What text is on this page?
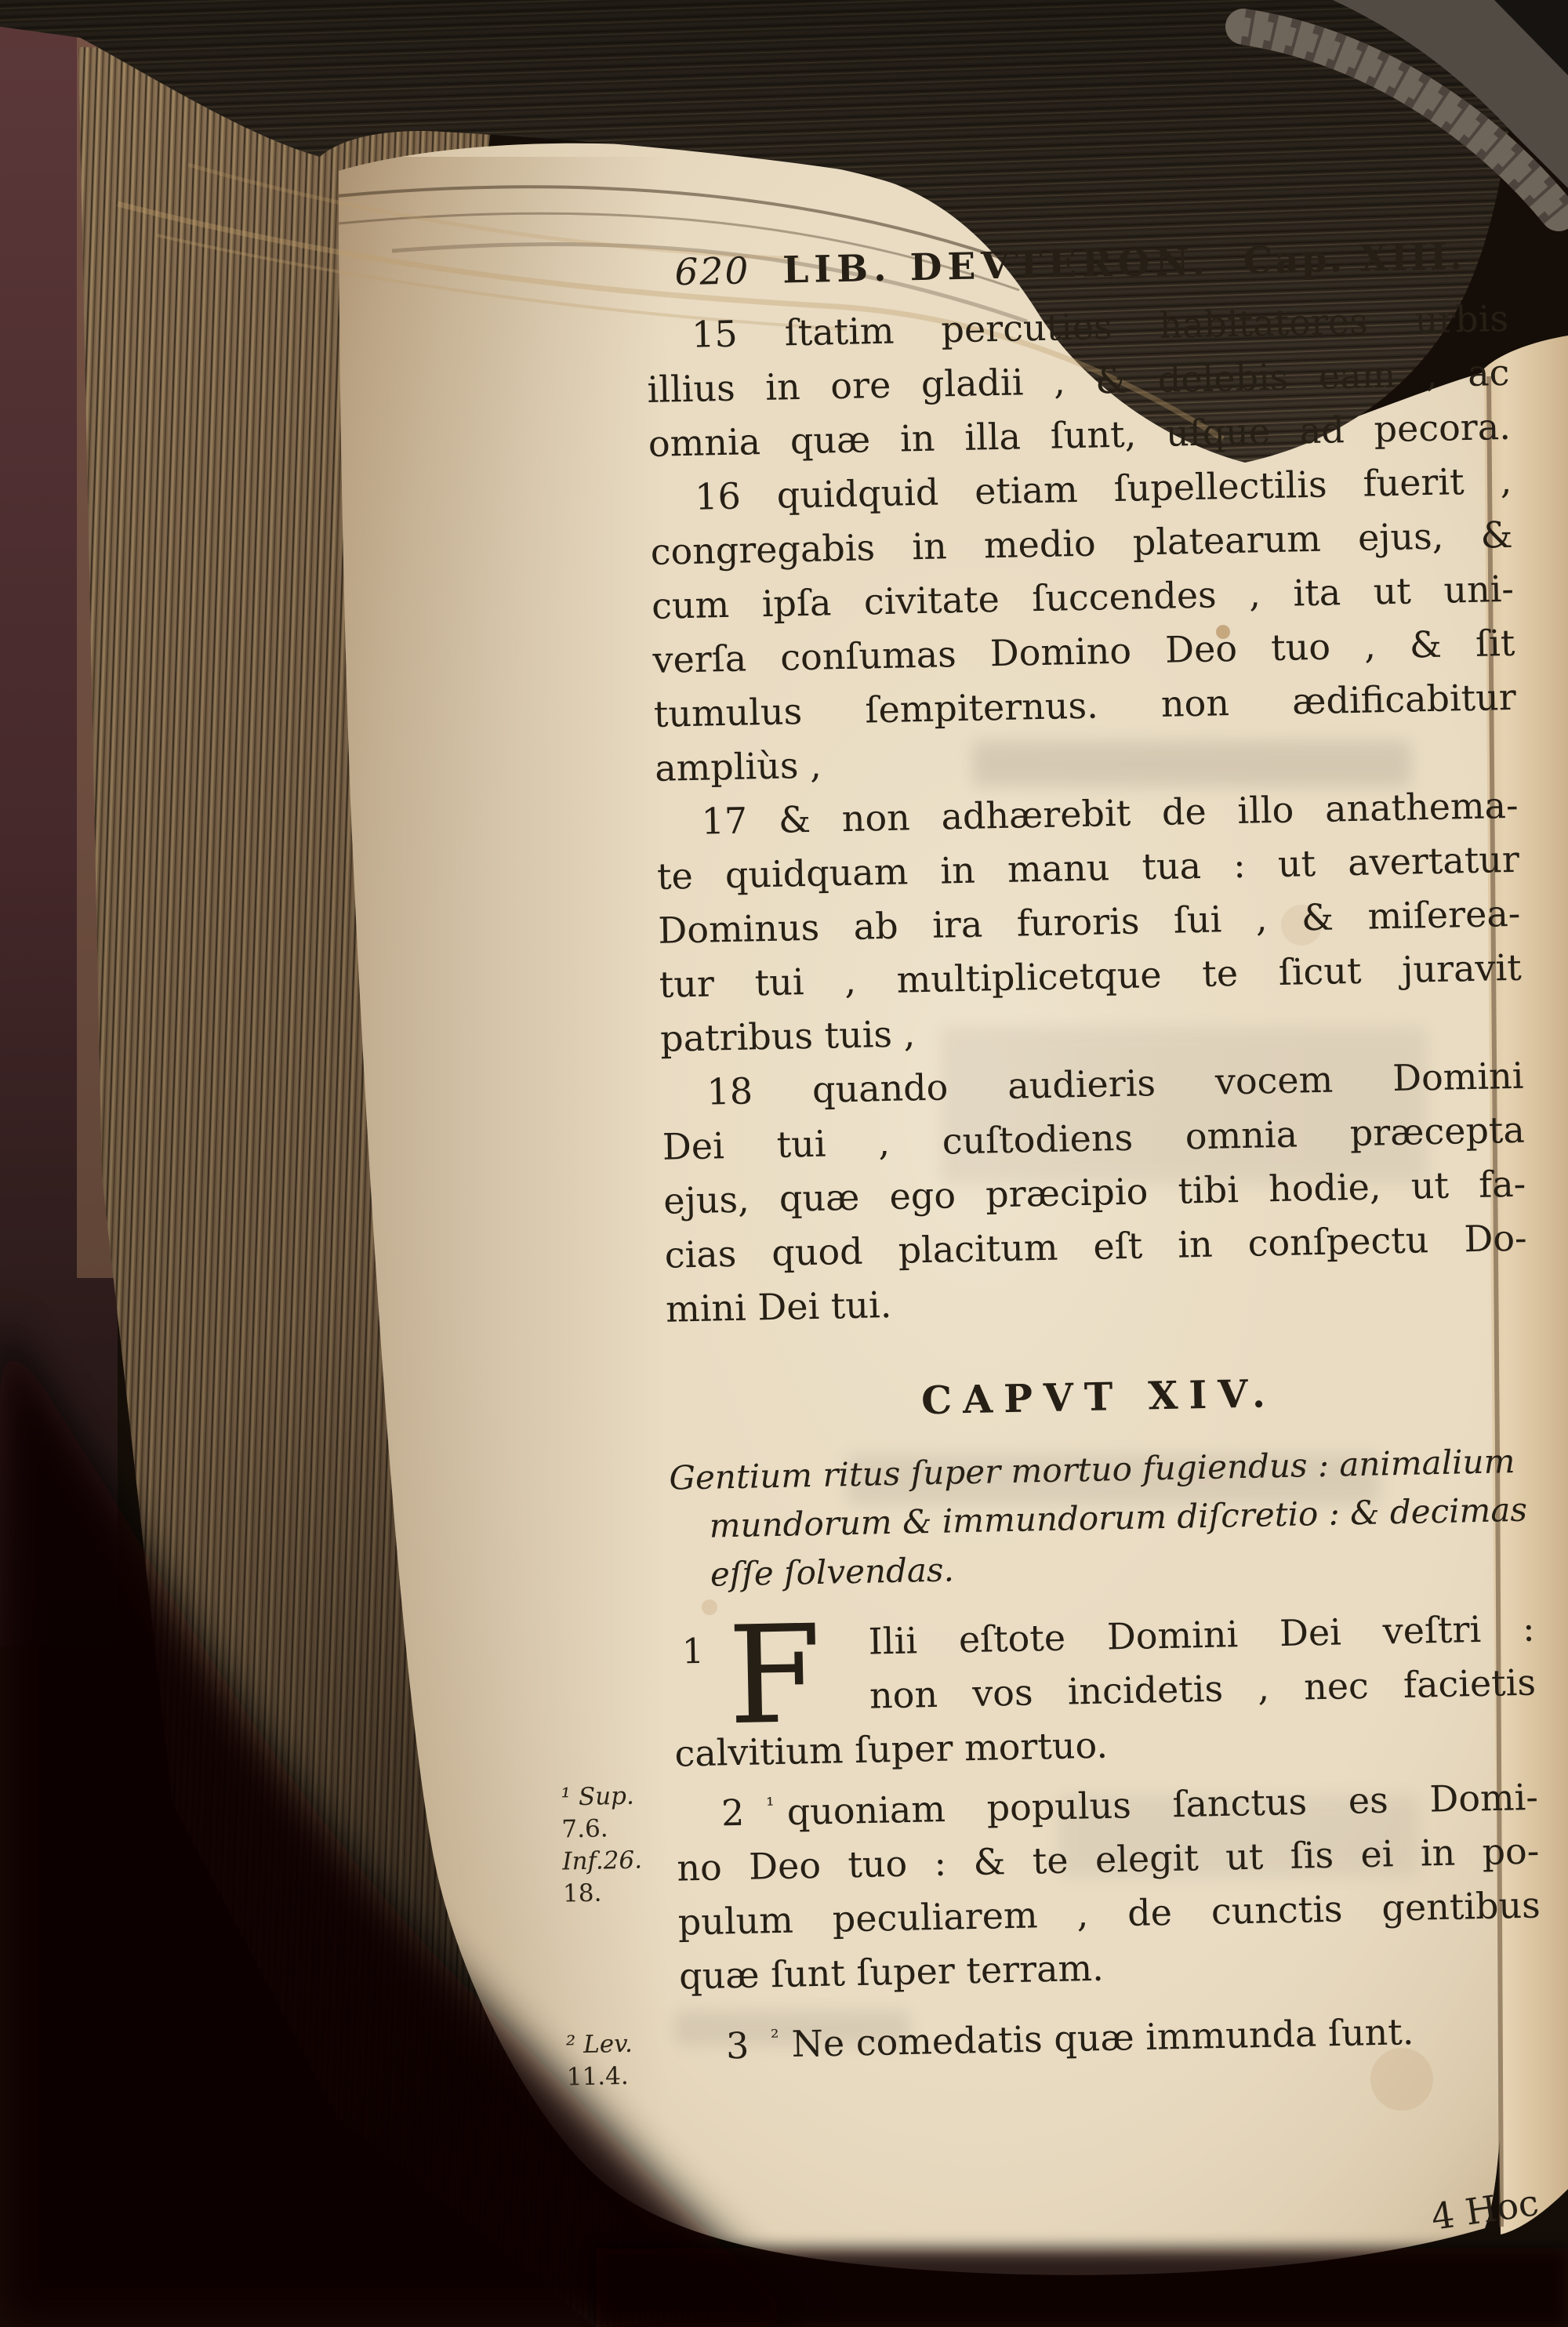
620 LIB. DEVTERON. Cap. XIII.
15 ſtatim percuties habitatores urbis
illius in ore gladii , & delebis eam , ac
omnia quæ in illa ſunt, uſque ad pecora.
16 quidquid etiam ſupellectilis fuerit ,
congregabis in medio platearum ejus, &
cum ipſa civitate ſuccendes , ita ut uni-
verſa conſumas Domino Deo tuo , & ſit
tumulus ſempiternus. non ædificabitur
ampliùs ,
17 & non adhærebit de illo anathema-
te quidquam in manu tua : ut avertatur
Dominus ab ira furoris ſui , & miſerea-
tur tui , multiplicetque te ſicut juravit
patribus tuis ,
18 quando audieris vocem Domini
Dei tui , cuſtodiens omnia præcepta
ejus, quæ ego præcipio tibi hodie, ut fa-
cias quod placitum eſt in conſpectu Do-
mini Dei tui.
CAPVT XIV.
Gentium ritus ſuper mortuo fugiendus : animalium
mundorum & immundorum diſcretio : & decimas
eſſe ſolvendas.
1 F	Ilii eſtote Domini Dei veſtri :
non vos incidetis , nec facietis
calvitium ſuper mortuo.
2 $^{^1}$ quoniam populus ſanctus es Domi-
no Deo tuo : & te elegit ut ſis ei in po-
pulum peculiarem , de cunctis gentibus
quæ ſunt ſuper terram.
3 $^{^2}$ Ne comedatis quæ immunda ſunt.
¹ Sup.
7.6.
Inf.26.
18.
² Lev.
11.4.
4 Hoc
